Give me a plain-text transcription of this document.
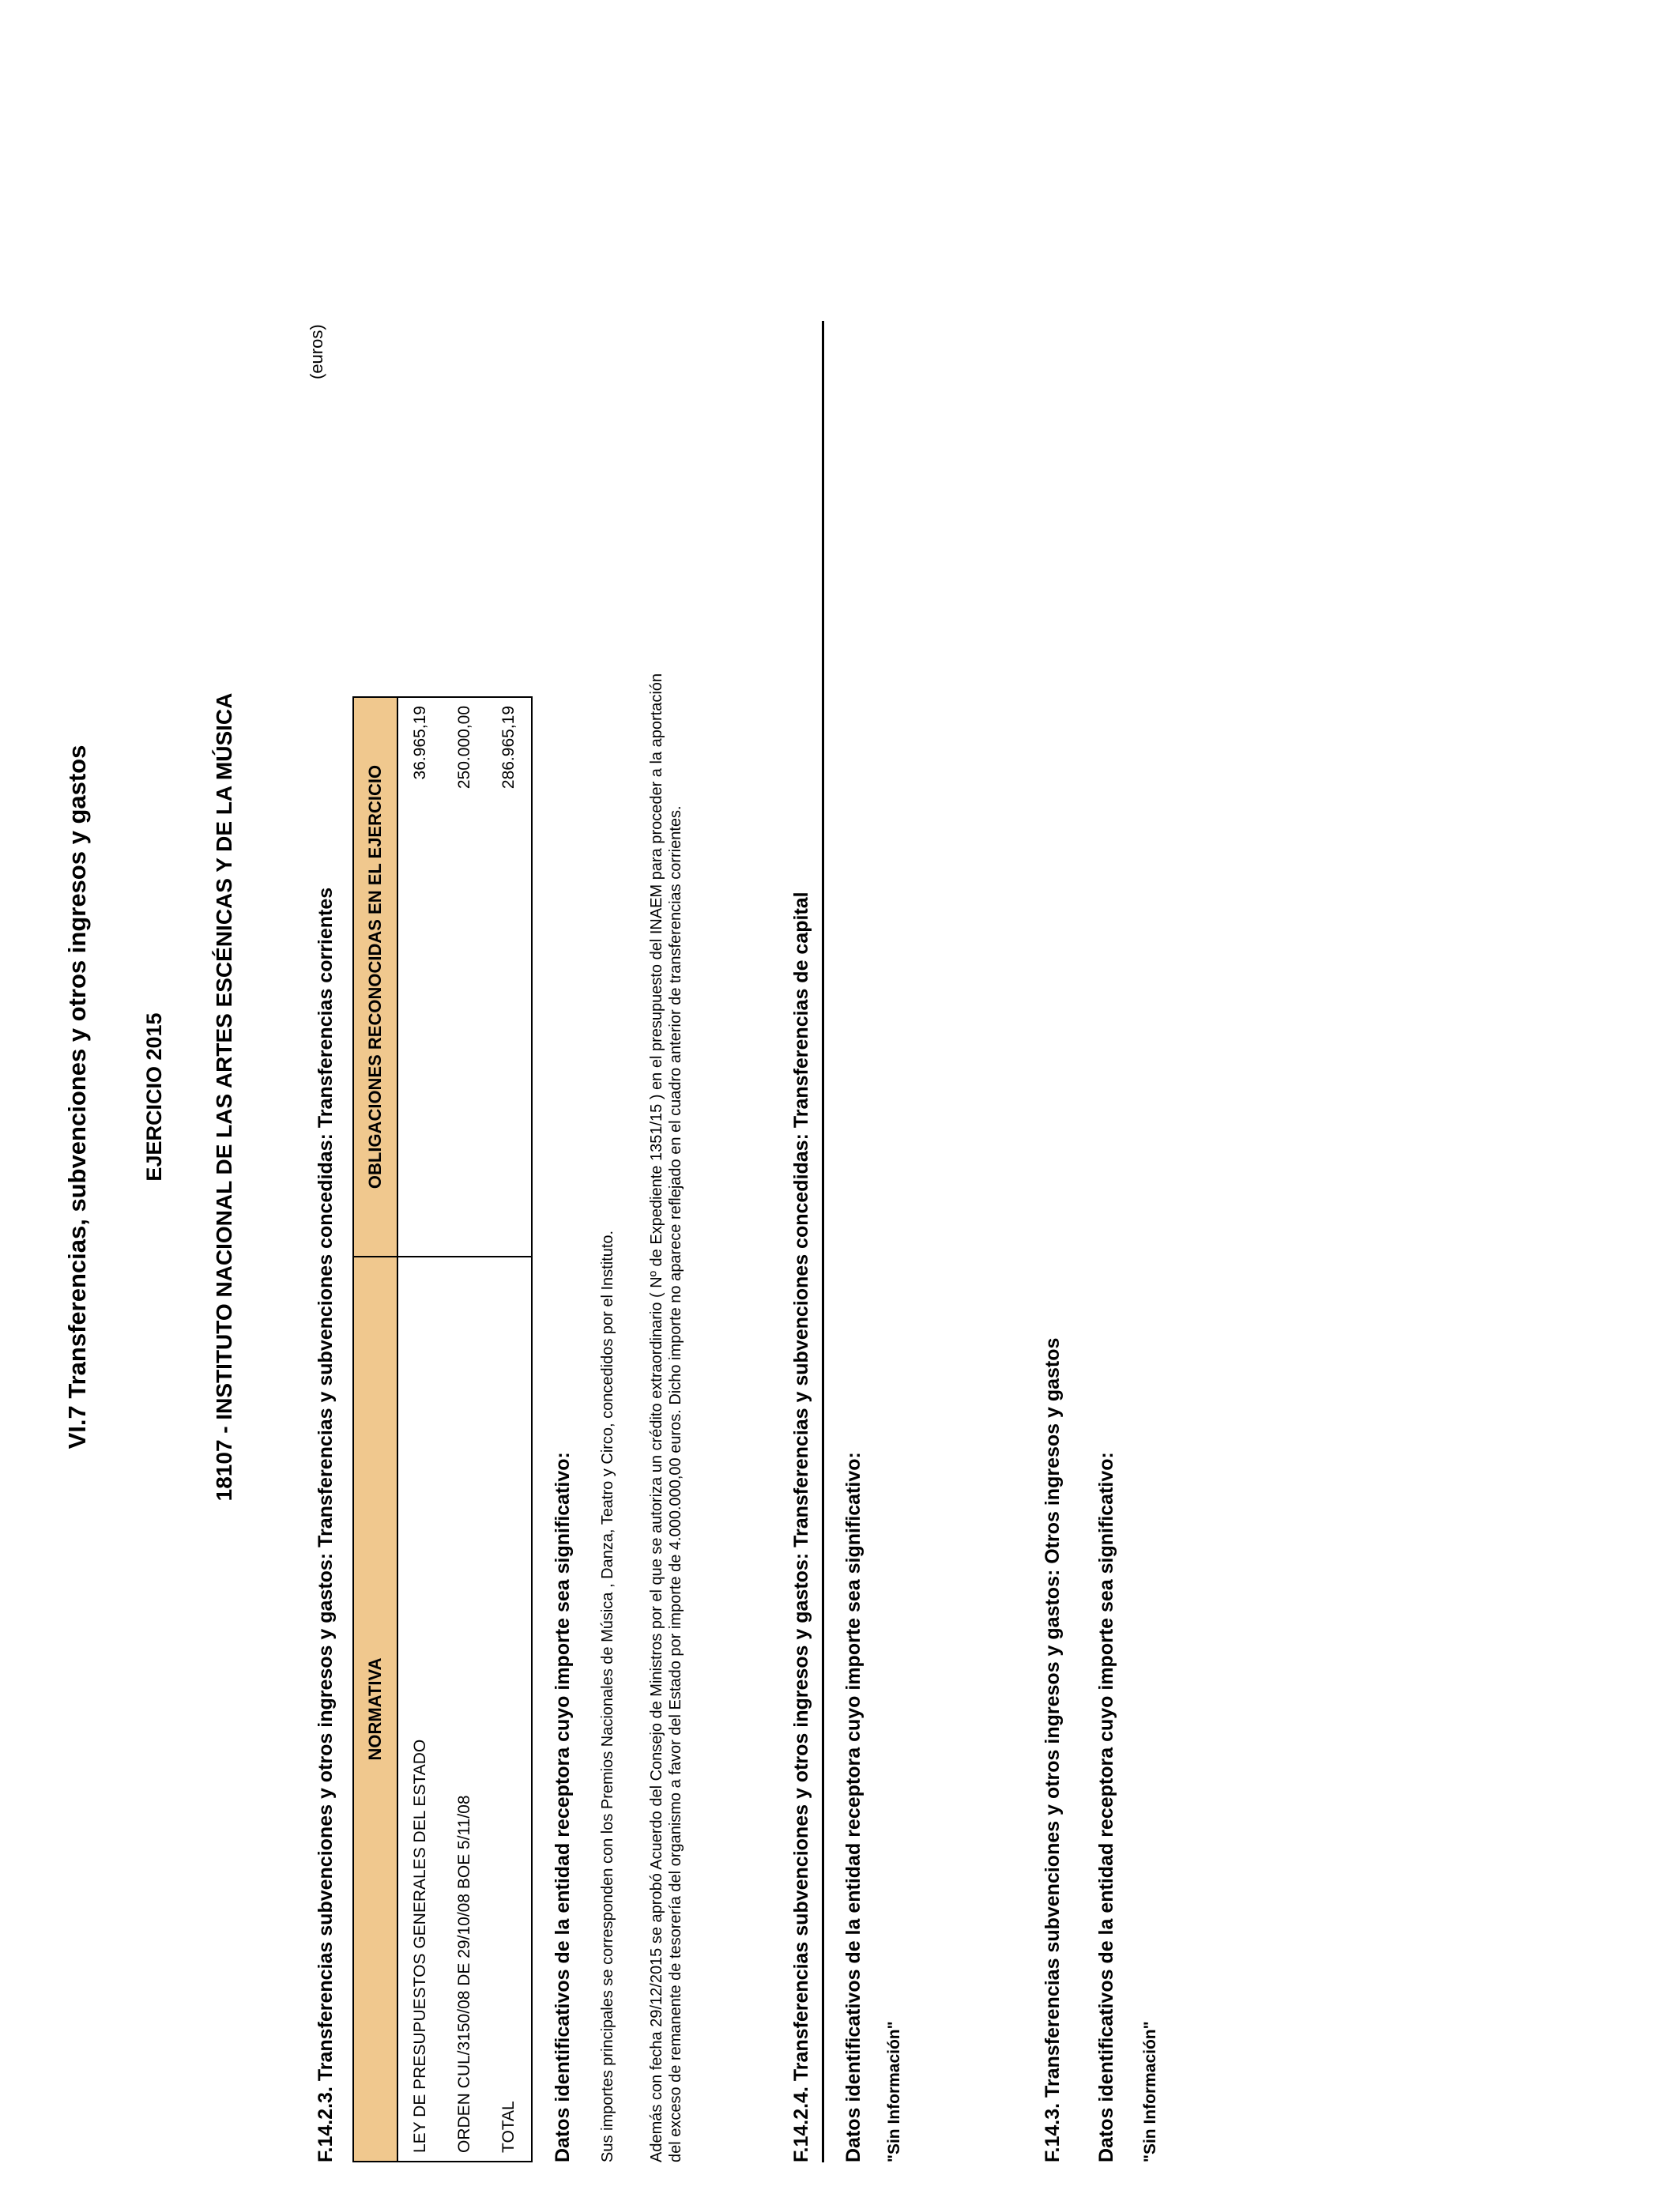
VI.7 Transferencias, subvenciones y otros ingresos y gastos EJERCICIO 2015 18107 - INSTITUTO NACIONAL DE LAS ARTES ESCÉNICAS Y DE LA MÚSICA	F.14.2.3. Transferencias subvenciones y otros ingresos y gastos: Transferencias y subvenciones concedidas: Transferencias corrientes
(euros)
NORMATIVA	OBLIGACIONES RECONOCIDAS EN EL EJERCICIO
LEY DE PRESUPUESTOS GENERALES DEL ESTADO	36.965,19
ORDEN CUL/3150/08 DE 29/10/08 BOE 5/11/08	250.000,00
TOTAL	286.965,19
Datos identificativos de la entidad receptora cuyo importe sea significativo: Sus importes principales se corresponden con los Premios Nacionales de Música , Danza, Teatro y Circo, concedidos por el Instituto. Además con fecha 29/12/2015 se aprobó Acuerdo del Consejo de Ministros por el que se autoriza un crédito extraordinario ( Nº de Expediente 1351/15 ) en el presupuesto del INAEM para proceder a la aportación del exceso de remanente de tesorería del organismo a favor del Estado por importe de 4.000.000,00 euros. Dicho importe no aparece reflejado en el cuadro anterior de transferencias corrientes.	F.14.2.4. Transferencias subvenciones y otros ingresos y gastos: Transferencias y subvenciones concedidas: Transferencias de capital Datos identificativos de la entidad receptora cuyo importe sea significativo: "Sin Información"	F.14.3. Transferencias subvenciones y otros ingresos y gastos: Otros ingresos y gastos Datos identificativos de la entidad receptora cuyo importe sea significativo: "Sin Información"
